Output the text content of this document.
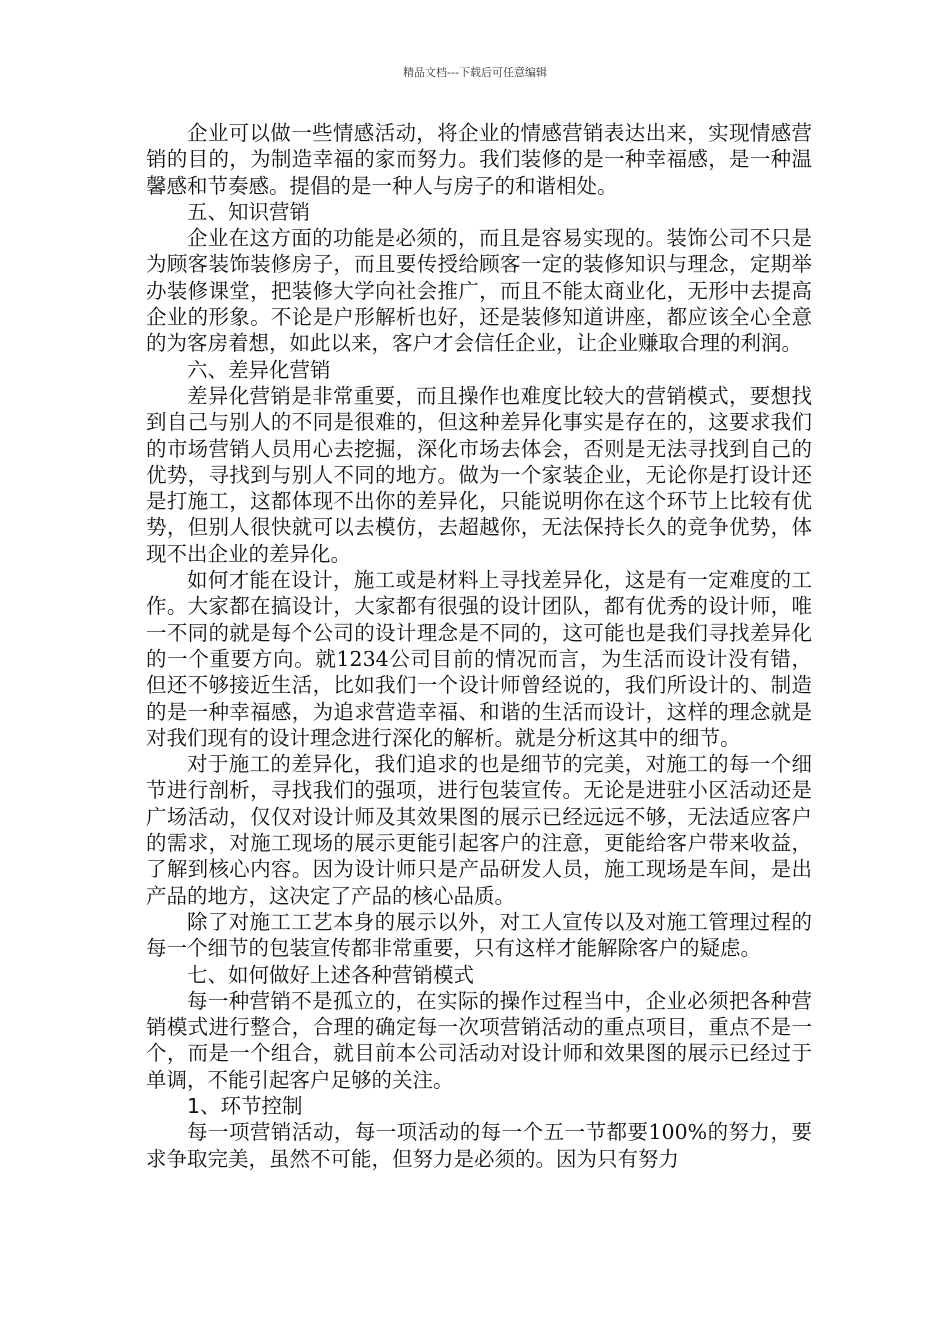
精品文档---下载后可任意编辑

企业可以做一些情感活动，将企业的情感营销表达出来，实现情感营销的目的，为制造幸福的家而努力。我们装修的是一种幸福感，是一种温馨感和节奏感。提倡的是一种人与房子的和谐相处。

五、知识营销

企业在这方面的功能是必须的，而且是容易实现的。装饰公司不只是为顾客装饰装修房子，而且要传授给顾客一定的装修知识与理念，定期举办装修课堂，把装修大学向社会推广，而且不能太商业化，无形中去提高企业的形象。不论是户形解析也好，还是装修知道讲座，都应该全心全意的为客房着想，如此以来，客户才会信任企业，让企业赚取合理的利润。

六、差异化营销

差异化营销是非常重要，而且操作也难度比较大的营销模式，要想找到自己与别人的不同是很难的，但这种差异化事实是存在的，这要求我们的市场营销人员用心去挖掘，深化市场去体会，否则是无法寻找到自己的优势，寻找到与别人不同的地方。做为一个家装企业，无论你是打设计还是打施工，这都体现不出你的差异化，只能说明你在这个环节上比较有优势，但别人很快就可以去模仿，去超越你，无法保持长久的竞争优势，体现不出企业的差异化。

如何才能在设计，施工或是材料上寻找差异化，这是有一定难度的工作。大家都在搞设计，大家都有很强的设计团队，都有优秀的设计师，唯一不同的就是每个公司的设计理念是不同的，这可能也是我们寻找差异化的一个重要方向。就1234公司目前的情况而言，为生活而设计没有错，但还不够接近生活，比如我们一个设计师曾经说的，我们所设计的、制造的是一种幸福感，为追求营造幸福、和谐的生活而设计，这样的理念就是对我们现有的设计理念进行深化的解析。就是分析这其中的细节。

对于施工的差异化，我们追求的也是细节的完美，对施工的每一个细节进行剖析，寻找我们的强项，进行包装宣传。无论是进驻小区活动还是广场活动，仅仅对设计师及其效果图的展示已经远远不够，无法适应客户的需求，对施工现场的展示更能引起客户的注意，更能给客户带来收益，了解到核心内容。因为设计师只是产品研发人员，施工现场是车间，是出产品的地方，这决定了产品的核心品质。

除了对施工工艺本身的展示以外，对工人宣传以及对施工管理过程的每一个细节的包装宣传都非常重要，只有这样才能解除客户的疑虑。

七、如何做好上述各种营销模式

每一种营销不是孤立的，在实际的操作过程当中，企业必须把各种营销模式进行整合，合理的确定每一次项营销活动的重点项目，重点不是一个，而是一个组合，就目前本公司活动对设计师和效果图的展示已经过于单调，不能引起客户足够的关注。

1、环节控制

每一项营销活动，每一项活动的每一个五一节都要100%的努力，要求争取完美，虽然不可能，但努力是必须的。因为只有努力
